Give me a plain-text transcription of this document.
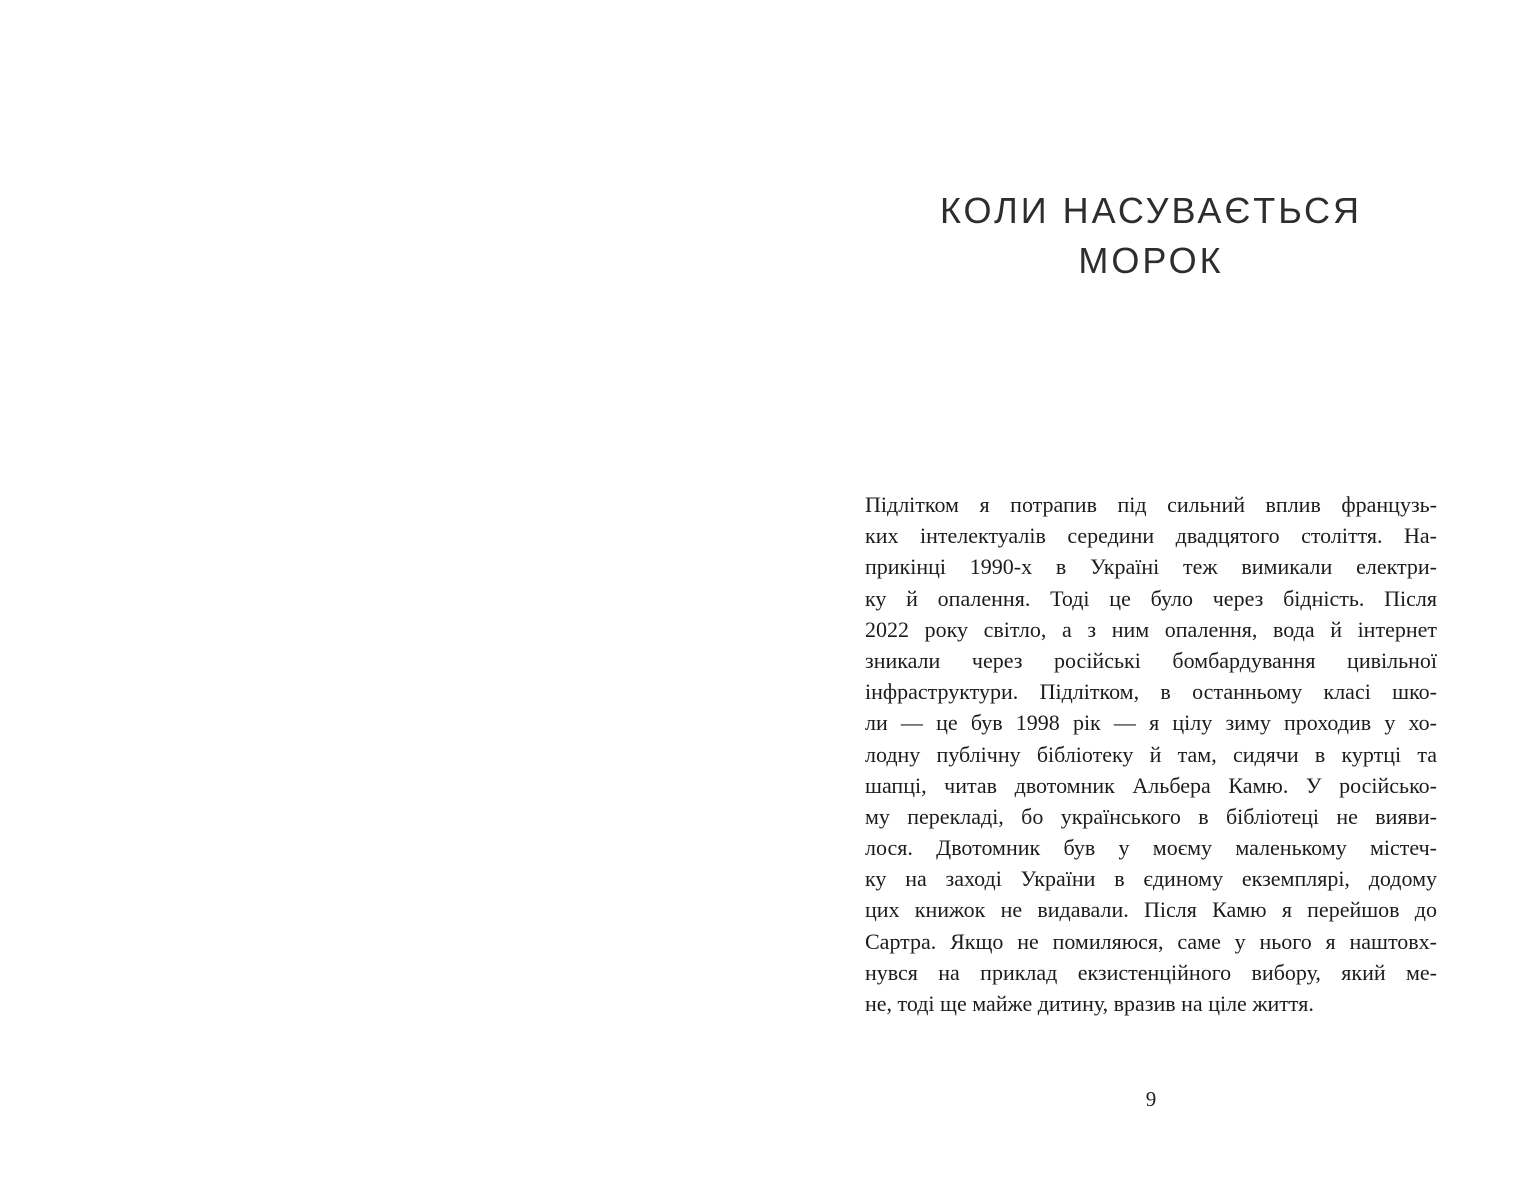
КОЛИ НАСУВАЄТЬСЯ
МОРОК
Підлітком я потрапив під сильний вплив французь-
ких інтелектуалів середини двадцятого століття. На-
прикінці 1990-х в Україні теж вимикали електри-
ку й опалення. Тоді це було через бідність. Після
2022 року світло, а з ним опалення, вода й інтернет
зникали через російські бомбардування цивільної
інфраструктури. Підлітком, в останньому класі шко-
ли — це був 1998 рік — я цілу зиму проходив у хо-
лодну публічну бібліотеку й там, сидячи в куртці та
шапці, читав двотомник Альбера Камю. У російсько-
му перекладі, бо українського в бібліотеці не вияви-
лося. Двотомник був у моєму маленькому містеч-
ку на заході України в єдиному екземплярі, додому
цих книжок не видавали. Після Камю я перейшов до
Сартра. Якщо не помиляюся, саме у нього я наштовх-
нувся на приклад екзистенційного вибору, який ме-
не, тоді ще майже дитину, вразив на ціле життя.
9
